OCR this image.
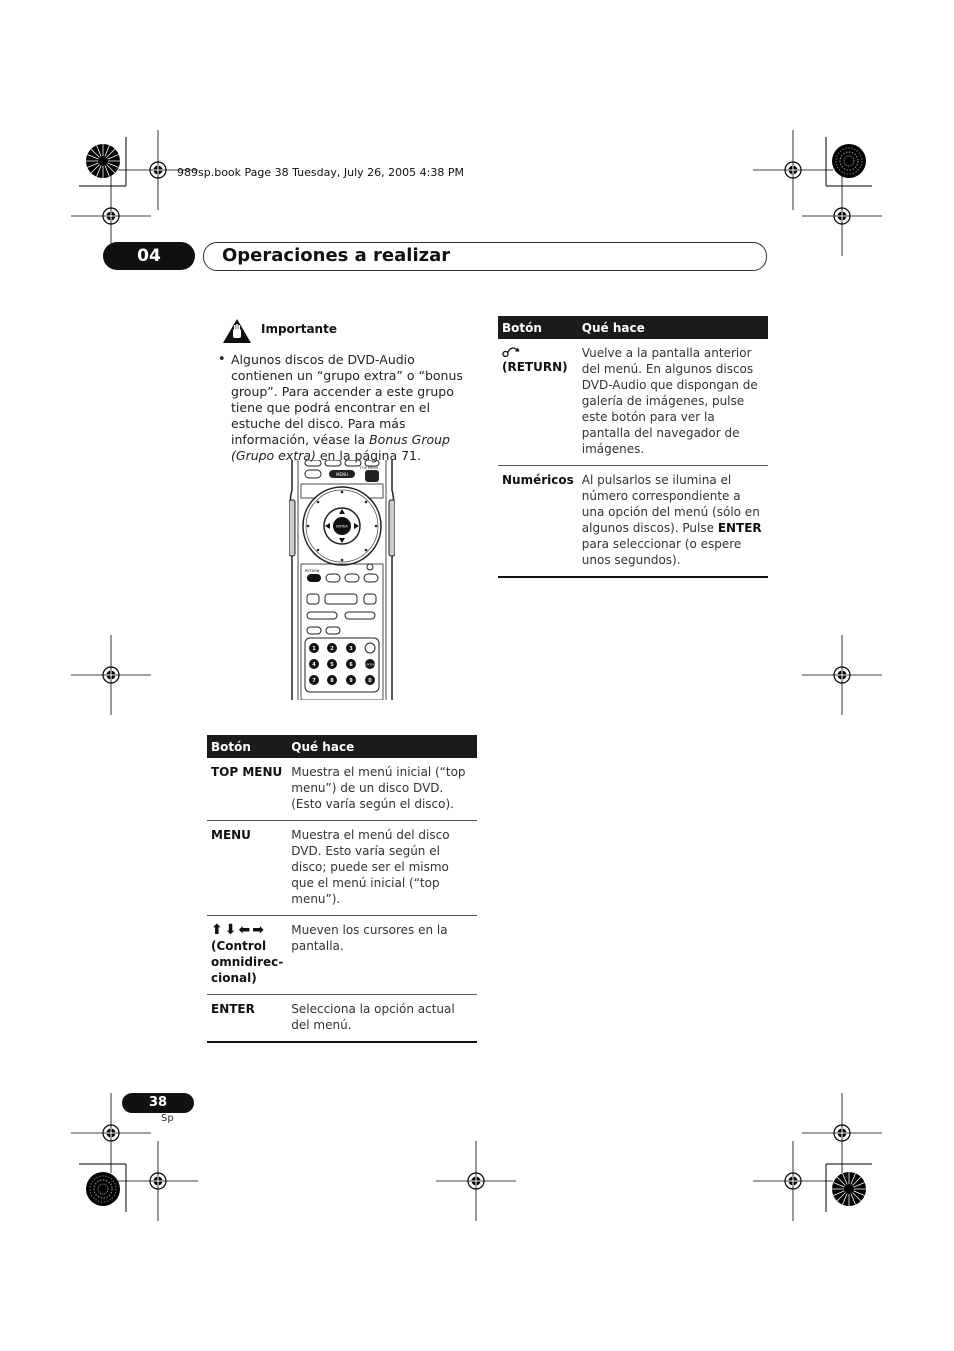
989sp.book Page 38 Tuesday, July 26, 2005 4:38 PM
04	Operaciones a realizar
Importante
• Algunos discos de DVD-Audio contienen un “grupo extra” o “bonus group”. Para accender a este grupo tiene que podrá encontrar en el estuche del disco. Para más información, véase la Bonus Group (Grupo extra) en la página 71.
MENU
TOP MENU
ENTER
RETURN
1	2	3
4	5	6
7	8	9	0
ENTER
Botón	Qué hace
TOP MENU	Muestra el menú inicial (“top menu”) de un disco DVD. (Esto varía según el disco).
MENU	Muestra el menú del disco DVD. Esto varía según el disco; puede ser el mismo que el menú inicial (“top menu”).

⬆⬇⬅➡
(Control omnidirec-cional)	Mueven los cursores en la pantalla.
ENTER	Selecciona la opción actual del menú.
Botón	Qué hace

(RETURN)	Vuelve a la pantalla anterior del menú. En algunos discos DVD-Audio que dispongan de galería de imágenes, pulse este botón para ver la pantalla del navegador de imágenes.
Numéricos	Al pulsarlos se ilumina el número correspondiente a una opción del menú (sólo en algunos discos). Pulse ENTER para seleccionar (o espere unos segundos).
38
Sp
